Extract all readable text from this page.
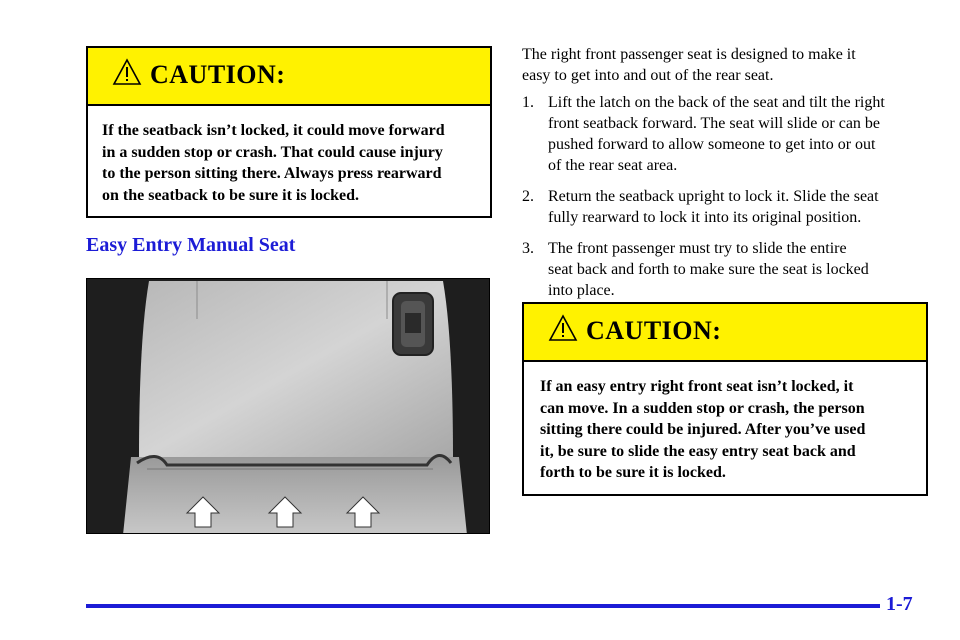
CAUTION:
If the seatback isn’t locked, it could move forward
in a sudden stop or crash. That could cause injury
to the person sitting there. Always press rearward
on the seatback to be sure it is locked.
Easy Entry Manual Seat
The right front passenger seat is designed to make it
easy to get into and out of the rear seat.
1. Lift the latch on the back of the seat and tilt the right
front seatback forward. The seat will slide or can be
pushed forward to allow someone to get into or out
of the rear seat area.
2. Return the seatback upright to lock it. Slide the seat
fully rearward to lock it into its original position.
3. The front passenger must try to slide the entire
seat back and forth to make sure the seat is locked
into place.
CAUTION:
If an easy entry right front seat isn’t locked, it
can move. In a sudden stop or crash, the person
sitting there could be injured. After you’ve used
it, be sure to slide the easy entry seat back and
forth to be sure it is locked.
1-7
